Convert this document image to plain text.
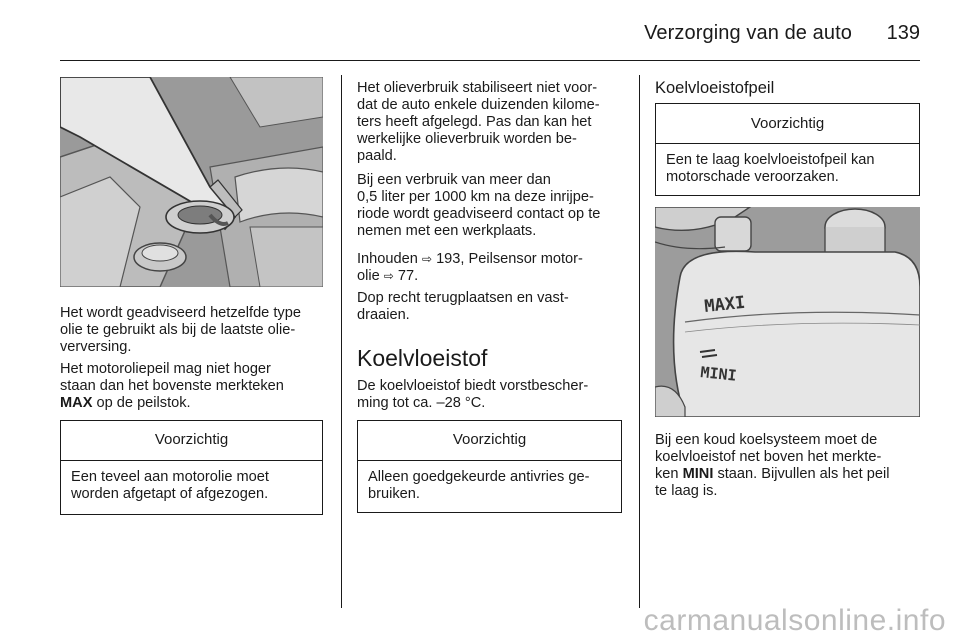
Verzorging van de auto 139

Het wordt geadviseerd hetzelfde type

olie te gebruikt als bij de laatste olie-

verversing.

Het motoroliepeil mag niet hoger

staan dan het bovenste merkteken

MAX op de peilstok.

Voorzichtig

Een teveel aan motorolie moet

worden afgetapt of afgezogen.

Het olieverbruik stabiliseert niet voor-

dat de auto enkele duizenden kilome-

ters heeft afgelegd. Pas dan kan het

werkelijke olieverbruik worden be-

paald.

Bij een verbruik van meer dan

0,5 liter per 1000 km na deze inrijpe-

riode wordt geadviseerd contact op te

nemen met een werkplaats.

Inhouden ⇨ 193, Peilsensor motor-

olie ⇨ 77.

Dop recht terugplaatsen en vast-

draaien.

Koelvloeistof

De koelvloeistof biedt vorstbescher-

ming tot ca. –28 °C.

Voorzichtig

Alleen goedgekeurde antivries ge-

bruiken.

Koelvloeistofpeil
Voorzichtig

Een te laag koelvloeistofpeil kan

motorschade veroorzaken.

MAXI
MINI

Bij een koud koelsysteem moet de

koelvloeistof net boven het merkte-

ken MINI staan. Bijvullen als het peil

te laag is.

carmanualsonline.info
